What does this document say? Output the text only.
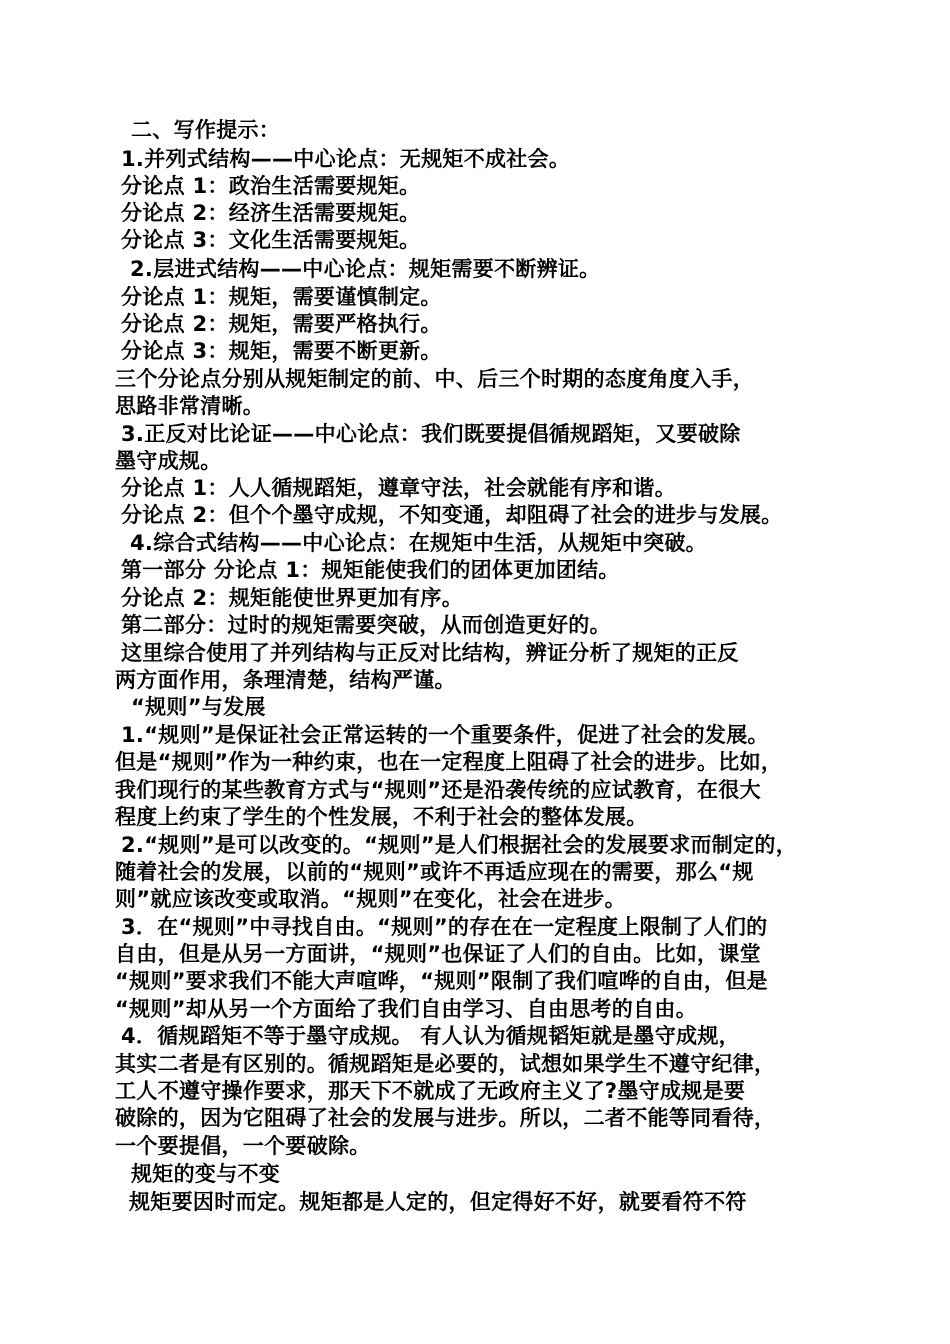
二、写作提示：
1.并列式结构——中心论点：无规矩不成社会。
分论点 1：政治生活需要规矩。
分论点 2：经济生活需要规矩。
分论点 3：文化生活需要规矩。
2.层进式结构——中心论点：规矩需要不断辨证。
分论点 1：规矩，需要谨慎制定。
分论点 2：规矩，需要严格执行。
分论点 3：规矩，需要不断更新。
三个分论点分别从规矩制定的前、中、后三个时期的态度角度入手，
思路非常清晰。
3.正反对比论证——中心论点：我们既要提倡循规蹈矩，又要破除
墨守成规。
分论点 1：人人循规蹈矩，遵章守法，社会就能有序和谐。
分论点 2：但个个墨守成规，不知变通，却阻碍了社会的进步与发展。
4.综合式结构——中心论点：在规矩中生活，从规矩中突破。
第一部分 分论点 1：规矩能使我们的团体更加团结。
分论点 2：规矩能使世界更加有序。
第二部分：过时的规矩需要突破，从而创造更好的。
这里综合使用了并列结构与正反对比结构，辨证分析了规矩的正反
两方面作用，条理清楚，结构严谨。
“规则”与发展
1.“规则”是保证社会正常运转的一个重要条件，促进了社会的发展。
但是“规则”作为一种约束，也在一定程度上阻碍了社会的进步。比如，
我们现行的某些教育方式与“规则”还是沿袭传统的应试教育，在很大
程度上约束了学生的个性发展，不利于社会的整体发展。
2.“规则”是可以改变的。“规则”是人们根据社会的发展要求而制定的，
随着社会的发展，以前的“规则”或许不再适应现在的需要，那么“规
则”就应该改变或取消。“规则”在变化，社会在进步。
3．在“规则”中寻找自由。“规则”的存在在一定程度上限制了人们的
自由，但是从另一方面讲，“规则”也保证了人们的自由。比如，课堂
“规则”要求我们不能大声喧哗，“规则”限制了我们喧哗的自由，但是
“规则”却从另一个方面给了我们自由学习、自由思考的自由。
4．循规蹈矩不等于墨守成规。 有人认为循规韬矩就是墨守成规，
其实二者是有区别的。循规蹈矩是必要的，试想如果学生不遵守纪律，
工人不遵守操作要求，那天下不就成了无政府主义了?墨守成规是要
破除的，因为它阻碍了社会的发展与进步。所以，二者不能等同看待，
一个要提倡，一个要破除。
规矩的变与不变
规矩要因时而定。规矩都是人定的，但定得好不好，就要看符不符
